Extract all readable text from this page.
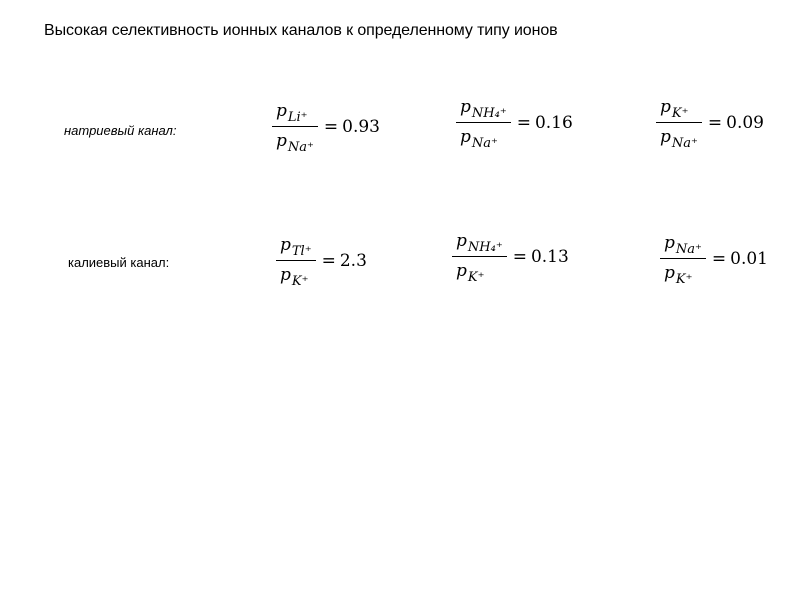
Высокая селективность ионных каналов к определенному типу ионов
натриевый канал:	$\frac{\text{p Li⁺}}{\text{p Na⁺}} = 0.93$	$\frac{\text{p NH₄⁺}}{\text{p Na⁺}} = 0.16$	$\frac{\text{p K⁺}}{\text{p Na⁺}} = 0.09$
калиевый канал:	$\frac{\text{p Tl⁺}}{\text{p K⁺}} = 2.3$	$\frac{\text{p NH₄⁺}}{\text{p K⁺}} = 0.13$	$\frac{\text{p Na⁺}}{\text{p K⁺}} = 0.01$
